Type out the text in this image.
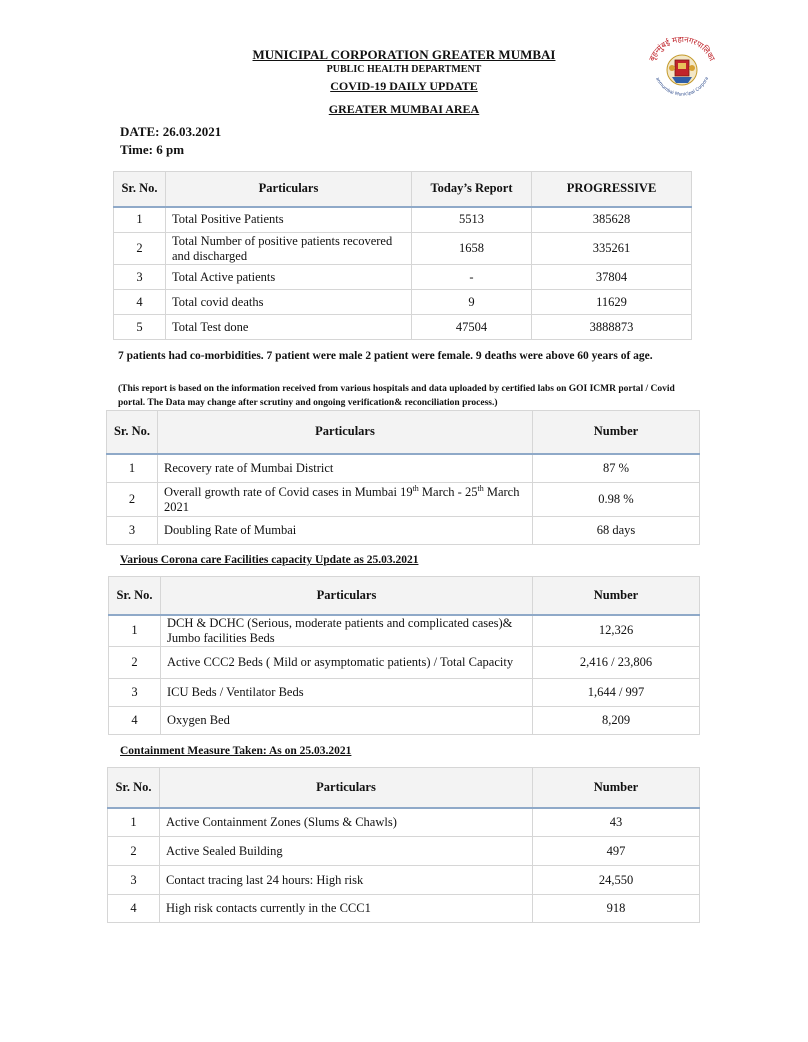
MUNICIPAL CORPORATION GREATER MUMBAI
PUBLIC HEALTH DEPARTMENT
COVID-19 DAILY UPDATE
GREATER MUMBAI AREA
बृहन्मुंबई महानगरपालिका
anmumbai Municipal Corpora
DATE: 26.03.2021
Time: 6 pm
Sr. No.	Particulars	Today’s Report	PROGRESSIVE
1	Total Positive Patients	5513	385628
2	Total Number of positive patients recovered and discharged	1658	335261
3	Total Active patients	-	37804
4	Total covid deaths	9	11629
5	Total Test done	47504	3888873
7 patients had co-morbidities. 7 patient were male 2 patient were female. 9 deaths were above 60 years of age.
(This report is based on the information received from various hospitals and data uploaded by certified labs on GOI ICMR portal / Covid portal. The Data may change after scrutiny and ongoing verification& reconciliation process.)
Sr. No.	Particulars	Number
1	Recovery rate of Mumbai District	87 %
2	Overall growth rate of Covid cases in Mumbai 19th March - 25th March 2021	0.98 %
3	Doubling Rate of Mumbai	68 days
Various Corona care Facilities capacity Update as 25.03.2021
Sr. No.	Particulars	Number
1	DCH & DCHC (Serious, moderate patients and complicated cases)& Jumbo facilities Beds	12,326
2	Active CCC2 Beds ( Mild or asymptomatic patients) / Total Capacity	2,416 / 23,806
3	ICU Beds / Ventilator Beds	1,644 / 997
4	Oxygen Bed	8,209
Containment Measure Taken: As on 25.03.2021
Sr. No.	Particulars	Number
1	Active Containment Zones (Slums & Chawls)	43
2	Active Sealed Building	497
3	Contact tracing last 24 hours: High risk	24,550
4	High risk contacts currently in the CCC1	918
